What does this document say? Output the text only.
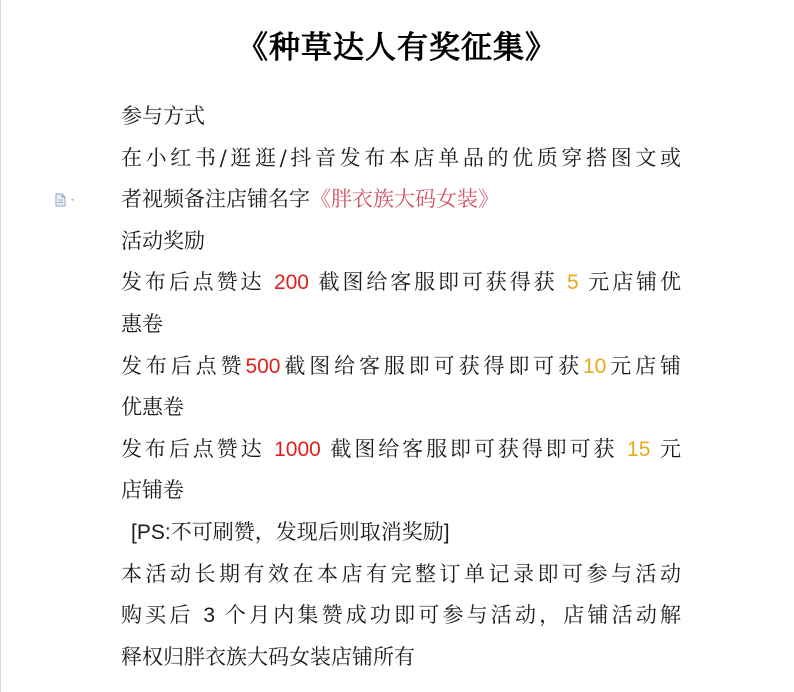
《种草达人有奖征集》
参与方式
在小红书/逛逛/抖音发布本店单品的优质穿搭图文或
者视频备注店铺名字《胖衣族大码女装》
活动奖励
发布后点赞达 200 截图给客服即可获得获 5 元店铺优
惠卷
发布后点赞500截图给客服即可获得即可获10元店铺
优惠卷
发布后点赞达 1000 截图给客服即可获得即可获 15 元
店铺卷
[PS:不可刷赞，发现后则取消奖励]
本活动长期有效在本店有完整订单记录即可参与活动
购买后 3 个月内集赞成功即可参与活动，店铺活动解
释权归胖衣族大码女装店铺所有
